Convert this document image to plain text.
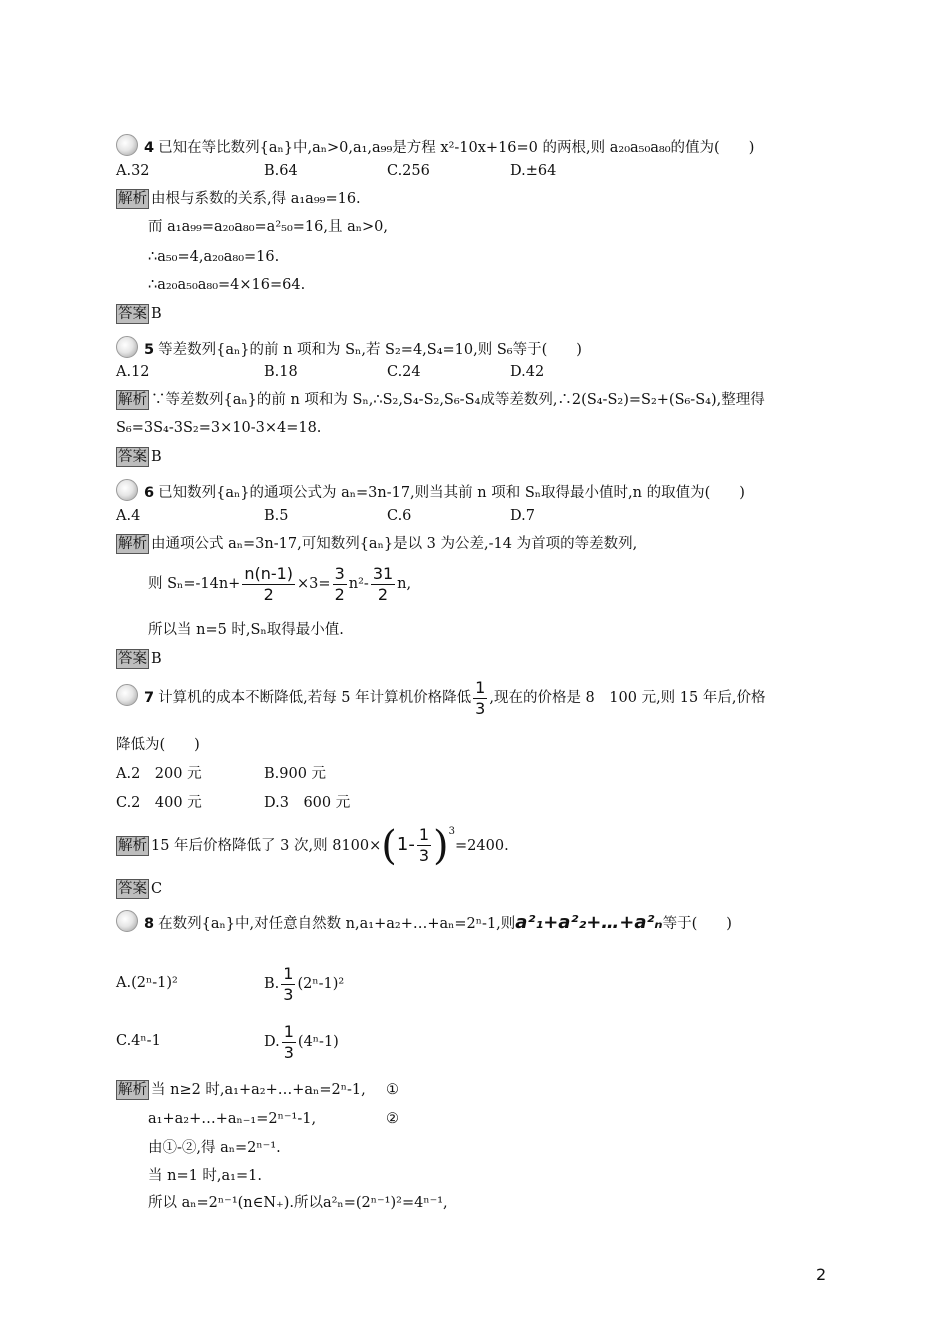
4 已知在等比数列{aₙ}中,aₙ>0,a₁,a₉₉是方程 x²-10x+16=0 的两根,则 a₂₀a₅₀a₈₀的值为(　　)
A.32	B.64	C.256	D.±64
解析 由根与系数的关系,得 a₁a₉₉=16.
而 a₁a₉₉=a₂₀a₈₀=a²₅₀=16,且 aₙ>0,
∴a₅₀=4,a₂₀a₈₀=16.
∴a₂₀a₅₀a₈₀=4×16=64.
答案 B
5 等差数列{aₙ}的前 n 项和为 Sₙ,若 S₂=4,S₄=10,则 S₆等于(　　)
A.12	B.18	C.24	D.42
解析 ∵等差数列{aₙ}的前 n 项和为 Sₙ,∴S₂,S₄-S₂,S₆-S₄成等差数列,∴2(S₄-S₂)=S₂+(S₆-S₄),整理得
S₆=3S₄-3S₂=3×10-3×4=18.
答案 B
6 已知数列{aₙ}的通项公式为 aₙ=3n-17,则当其前 n 项和 Sₙ取得最小值时,n 的取值为(　　)
A.4	B.5	C.6	D.7
解析 由通项公式 aₙ=3n-17,可知数列{aₙ}是以 3 为公差,-14 为首项的等差数列,
则 $S_n=-14n+ \frac{n(n-1)}{2} \times 3= \frac{3}{2} n^2- \frac{31}{2} n$,
所以当 n=5 时,Sₙ取得最小值.
答案 B
7 计算机的成本不断降低,若每 5 年计算机价格降低 $\frac{1}{3}$ ,现在的价格是 8　100 元,则 15 年后,价格
降低为(　　)
A.2　200 元	B.900 元
C.2　400 元	D.3　600 元
解析 15 年后价格降低了 3 次,则 $8100\times(1- \frac{1}{3} )^3=2400$.
答案 C
8 在数列{aₙ}中,对任意自然数 n,a₁+a₂+…+aₙ=2ⁿ-1,则a²₁+a²₂+…+a²ₙ等于(　　)
A.(2ⁿ-1)²	B. $\frac{1}{3} (2^n-1)^2$
C.4ⁿ-1	D. $\frac{1}{3} (4^n-1)$
解析 当 n≥2 时,a₁+a₂+…+aₙ=2ⁿ-1, ①
a₁+a₂+…+aₙ₋₁=2ⁿ⁻¹-1,	②
由①-②,得 aₙ=2ⁿ⁻¹.
当 n=1 时,a₁=1.
所以 aₙ=2ⁿ⁻¹(n∈N₊).所以a²ₙ=(2ⁿ⁻¹)²=4ⁿ⁻¹,
2
